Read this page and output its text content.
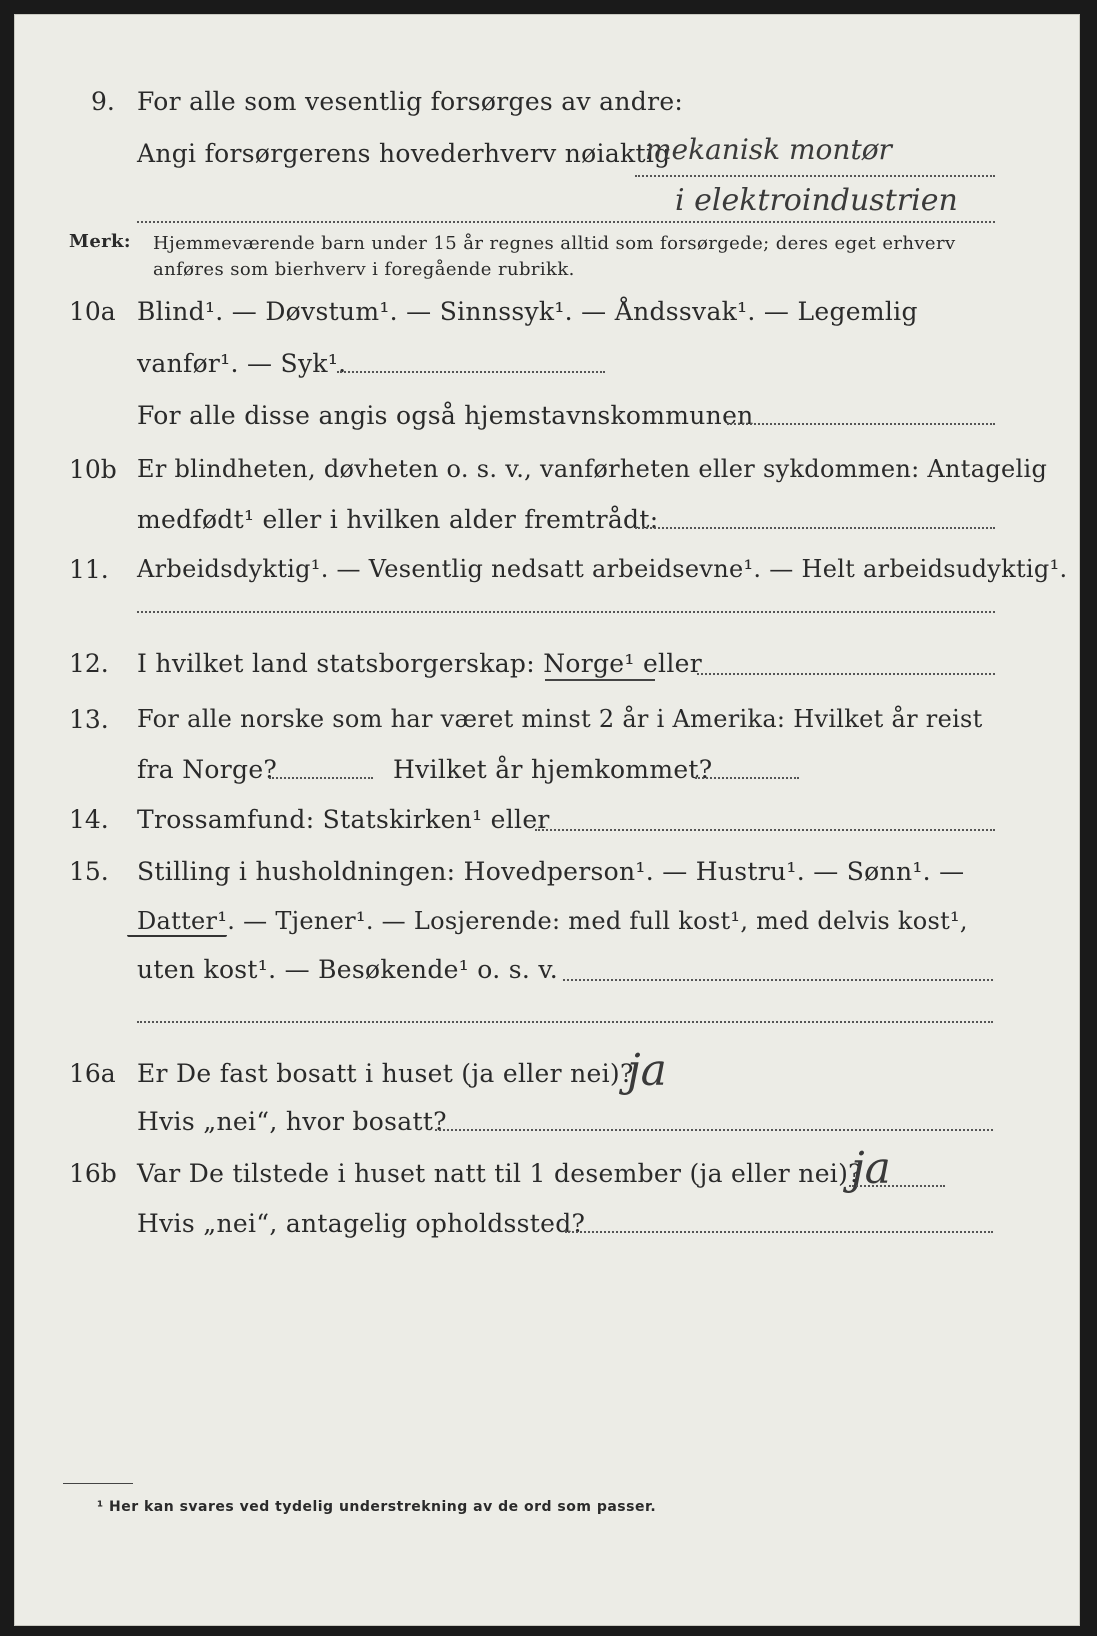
9. For alle som vesentlig forsørges av andre:
Angi forsørgerens hovederhverv nøiaktig
mekanisk montør
i elektroindustrien
Merk: Hjemmeværende barn under 15 år regnes alltid som forsørgede; deres eget erhverv
anføres som bierhverv i foregående rubrikk.
10a Blind¹. — Døvstum¹. — Sinnssyk¹. — Åndssvak¹. — Legemlig
vanfør¹. — Syk¹.
For alle disse angis også hjemstavnskommunen
10b Er blindheten, døvheten o. s. v., vanførheten eller sykdommen: Antagelig
medfødt¹ eller i hvilken alder fremtrådt:
11. Arbeidsdyktig¹. — Vesentlig nedsatt arbeidsevne¹. — Helt arbeidsudyktig¹.
12. I hvilket land statsborgerskap: Norge¹ eller
13. For alle norske som har været minst 2 år i Amerika: Hvilket år reist
fra Norge?	Hvilket år hjemkommet?
14. Trossamfund: Statskirken¹ eller
15. Stilling i husholdningen: Hovedperson¹. — Hustru¹. — Sønn¹. —
Datter¹. — Tjener¹. — Losjerende: med full kost¹, med delvis kost¹,
uten kost¹. — Besøkende¹ o. s. v.
16a Er De fast bosatt i huset (ja eller nei)?
ja
Hvis „nei“, hvor bosatt?
16b Var De tilstede i huset natt til 1 desember (ja eller nei)?
ja
Hvis „nei“, antagelig opholdssted?
¹ Her kan svares ved tydelig understrekning av de ord som passer.
